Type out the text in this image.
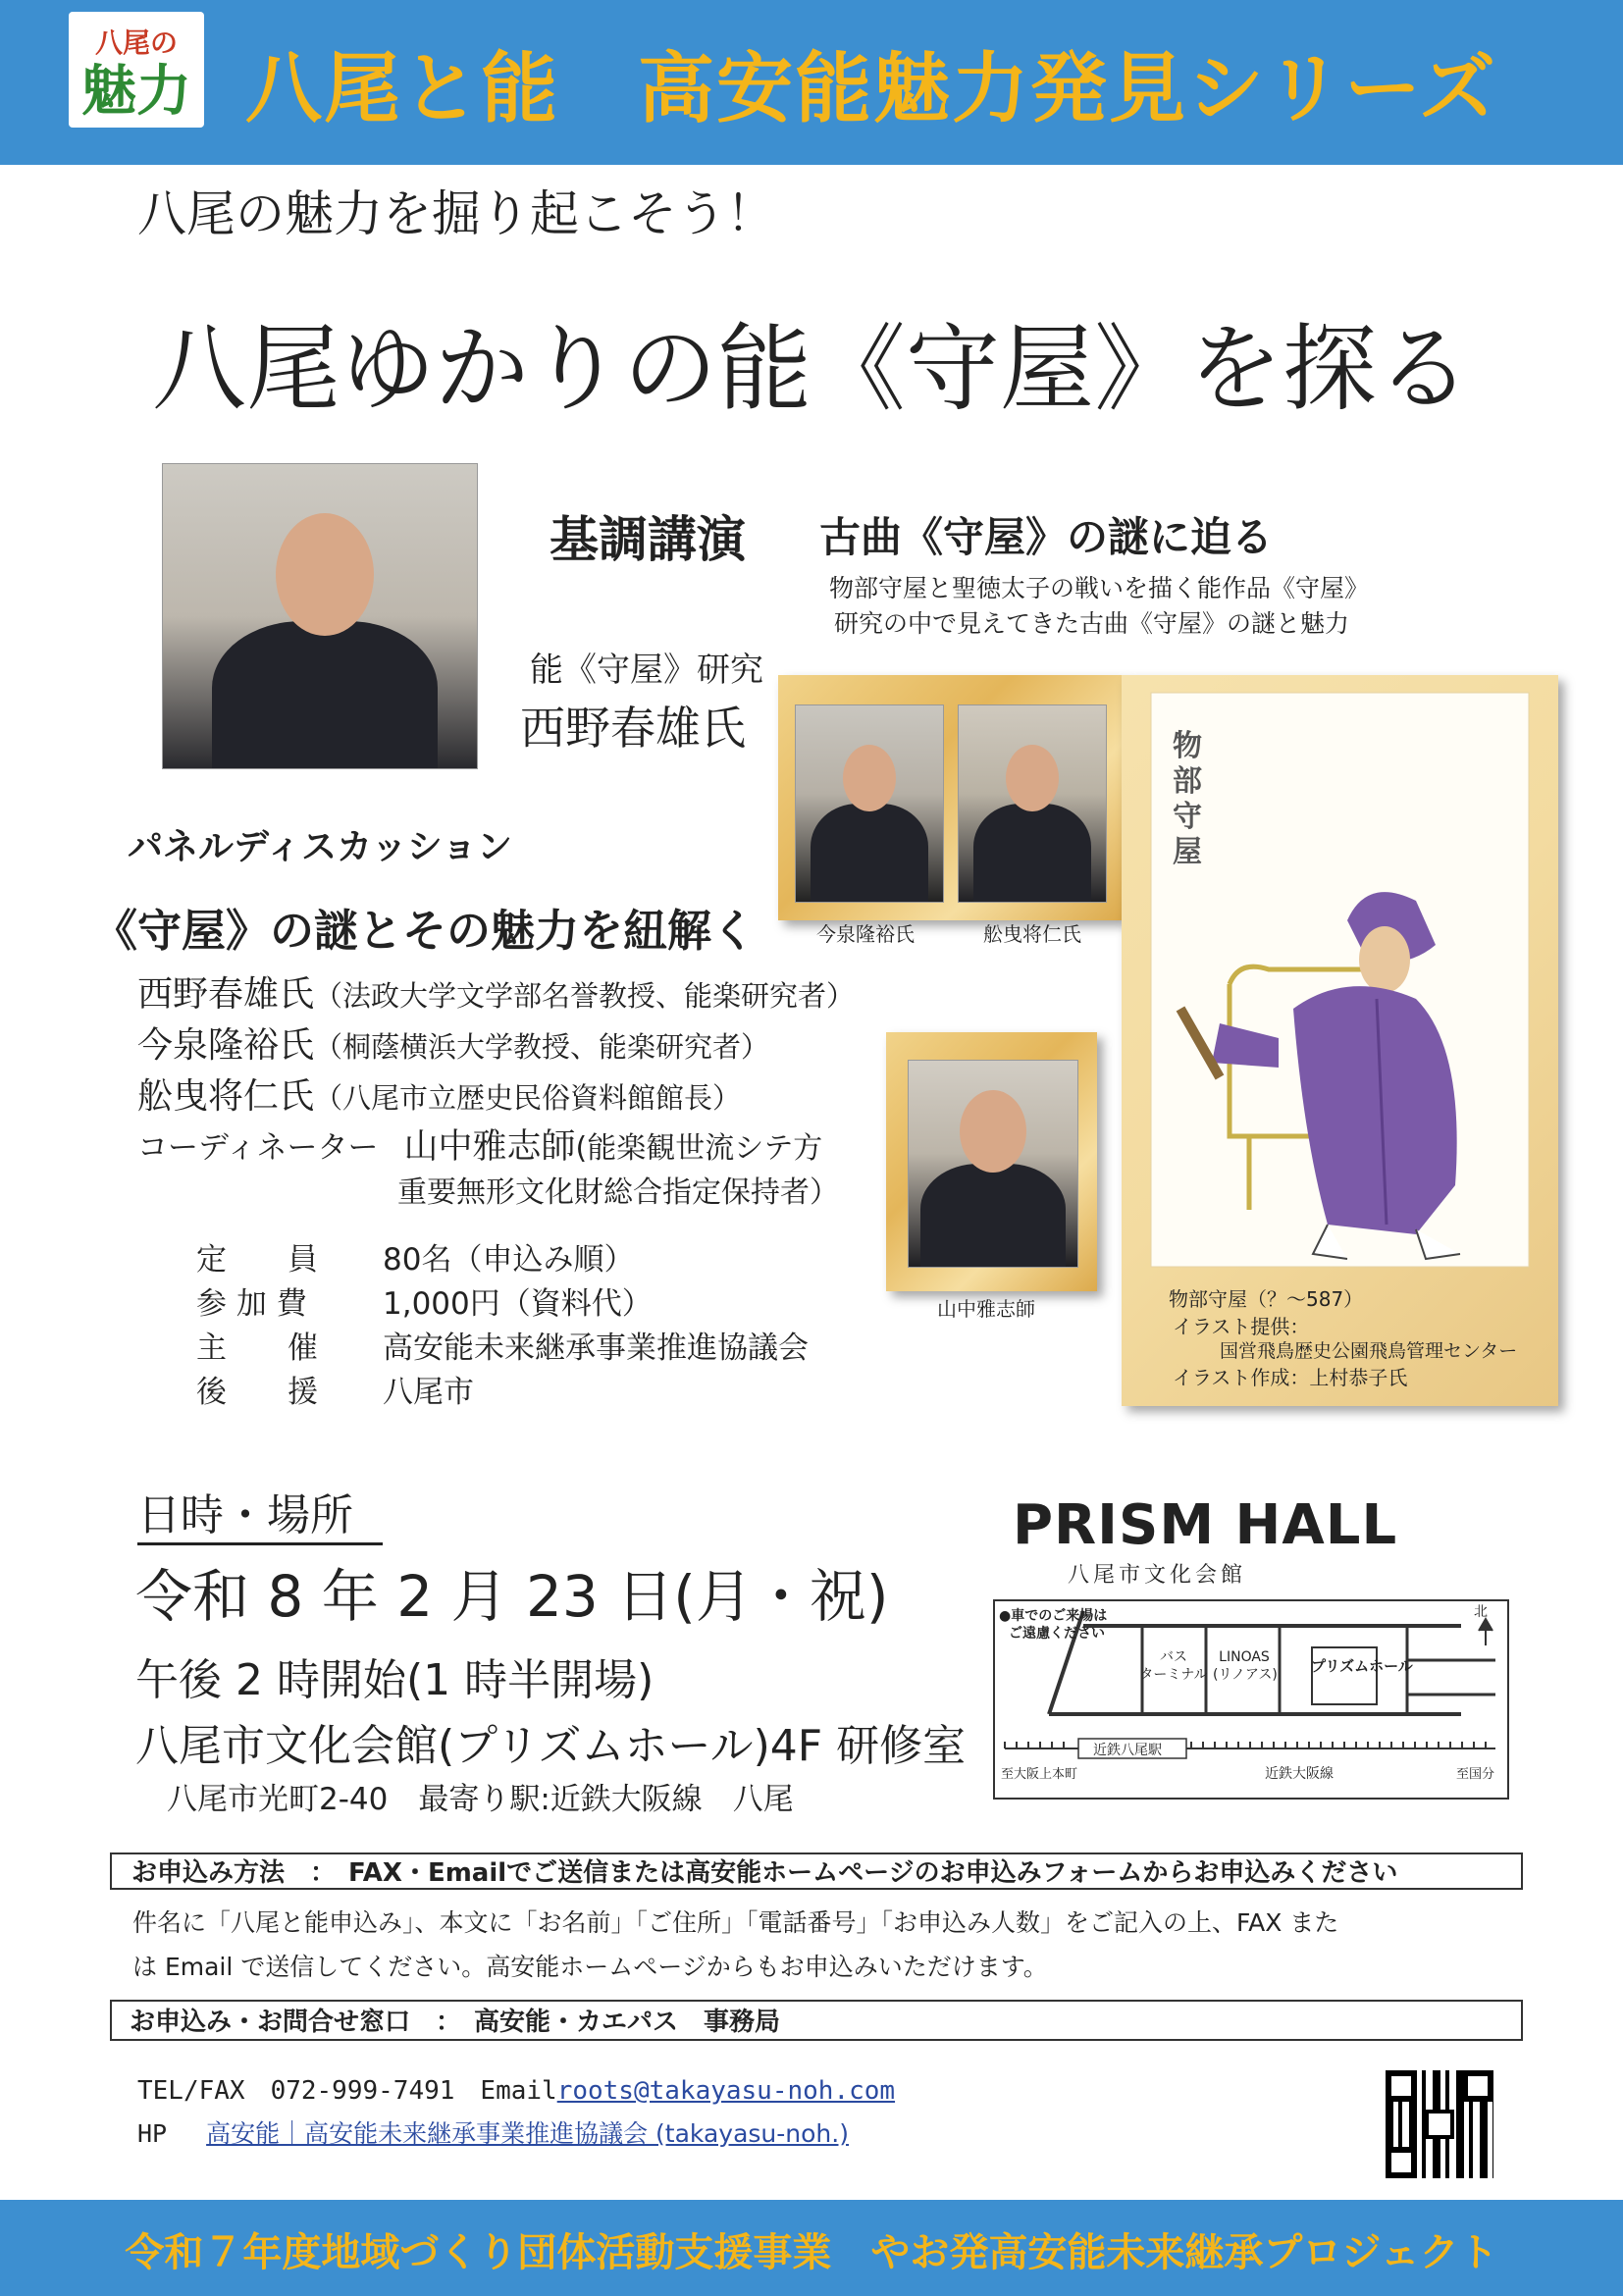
八尾の
魅力 八尾と能　高安能魅力発見シリーズ
八尾の魅力を掘り起こそう！
八尾ゆかりの能《守屋》を探る
基調講演 古曲《守屋》の謎に迫る
物部守屋と聖徳太子の戦いを描く能作品《守屋》
研究の中で見えてきた古曲《守屋》の謎と魅力
能《守屋》研究
西野春雄氏
今泉隆裕氏	舩曳将仁氏
物部守屋
物部守屋（？～587）
イラスト提供：
国営飛鳥歴史公園飛鳥管理センター
イラスト作成：上村恭子氏
パネルディスカッション
《守屋》の謎とその魅力を紐解く
西野春雄氏（法政大学文学部名誉教授、能楽研究者）
今泉隆裕氏（桐蔭横浜大学教授、能楽研究者）
舩曳将仁氏（八尾市立歴史民俗資料館館長）
コーディネーター 山中雅志師(能楽観世流シテ方
重要無形文化財総合指定保持者）
山中雅志師
定　　員 80名（申込み順）
参 加 費 1,000円（資料代）
主　　催 高安能未来継承事業推進協議会
後　　援 八尾市
日時・場所
令和 8 年 2 月 23 日(月・祝)
午後 2 時開始(1 時半開場)
八尾市文化会館(プリズムホール)4F 研修室
八尾市光町2-40　最寄り駅:近鉄大阪線　八尾
PRISM HALL
八尾市文化会館
●車でのご来場は
ご遠慮ください
北
バス
ターミナル
LINOAS
(リノアス) プリズムホール
近鉄八尾駅
近鉄大阪線
至大阪上本町	至国分
お申込み方法　：　FAX・Emailでご送信または高安能ホームページのお申込みフォームからお申込みください
件名に「八尾と能申込み」、本文に「お名前」「ご住所」「電話番号」「お申込み人数」をご記入の上、FAX また
は Email で送信してください。高安能ホームページからもお申込みいただけます。
お申込み・お問合せ窓口　：　高安能・カエパス　事務局
TEL/FAX　072-999-7491　Emailroots@takayasu-noh.com
HP 高安能｜高安能未来継承事業推進協議会 (takayasu-noh.)
令和７年度地域づくり団体活動支援事業　やお発高安能未来継承プロジェクト
